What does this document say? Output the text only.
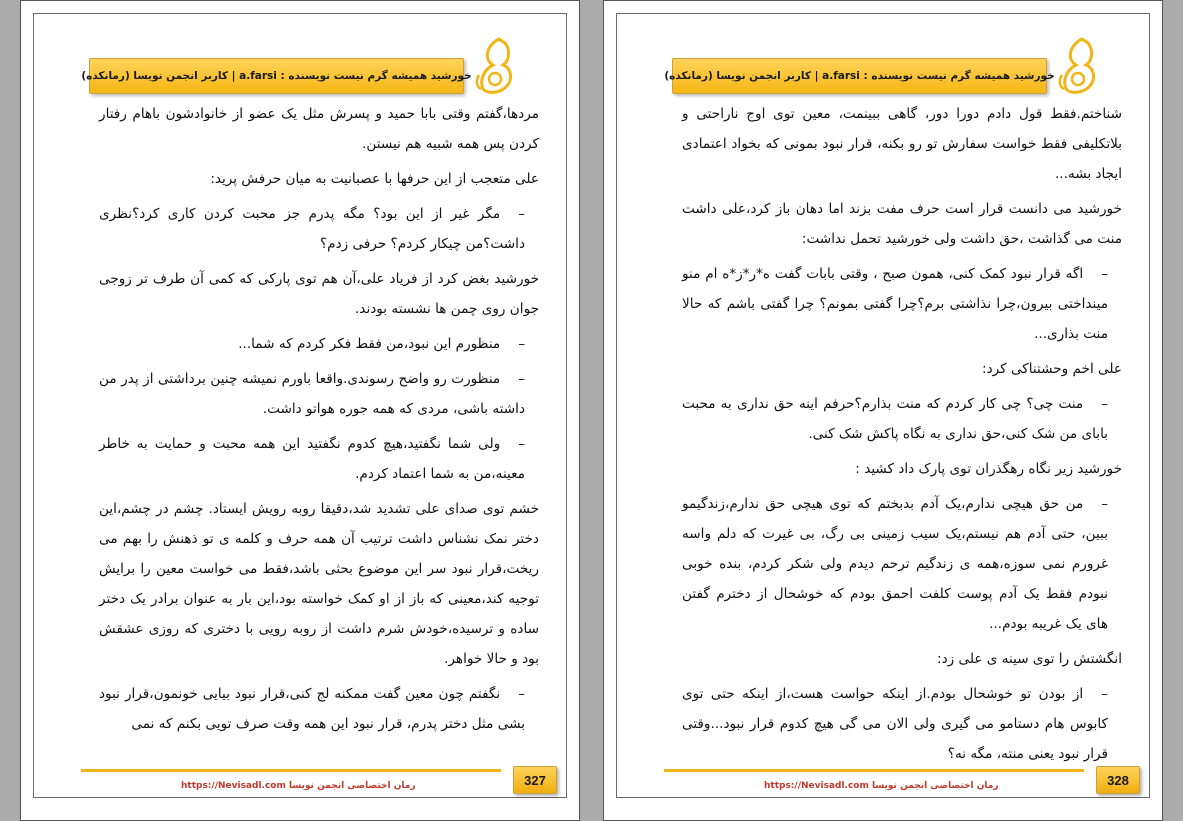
خورشید همیشه گرم نیست نویسنده : a.farsi | کاربر انجمن نویسا (رمانکده)

مردها،گفتم وقتی بابا حمید و پسرش مثل یک عضو از خانوادشون باهام رفتار کردن پس همه شبیه هم نیستن.

علی متعجب از این حرفها با عصبانیت به میان حرفش پرید:

–مگر غیر از این بود؟ مگه پدرم جز محبت کردن کاری کرد؟نظری داشت؟من چیکار کردم؟ حرفی زدم؟

خورشید بغض کرد از فریاد علی،آن هم توی پارکی که کمی آن طرف تر زوجی جوان روی چمن ها نشسته بودند.

–منظورم این نبود،من فقط فکر کردم که شما...

–منظورت رو واضح رسوندی.واقعا باورم نمیشه چنین برداشتی از پدر من داشته باشی، مردی که همه جوره هواتو داشت.

–ولی شما نگفتید،هیچ کدوم نگفتید این همه محبت و حمایت به خاطر معینه،من به شما اعتماد کردم.

خشم توی صدای علی تشدید شد،دقیقا روبه رویش ایستاد. چشم در چشم،این دختر نمک نشناس داشت ترتیب آن همه حرف و کلمه ی تو ذهنش را بهم می ریخت،قرار نبود سر این موضوع بحثی باشد،فقط می خواست معین را برایش توجیه کند،معینی که باز از او کمک خواسته بود،این بار به عنوان برادر یک دختر ساده و ترسیده،خودش شرم داشت از روبه رویی با دختری که روزی عشقش بود و حالا خواهر.

–نگفتم چون معین گفت ممکنه لج کنی،قرار نبود بیایی خونمون،قرار نبود بشی مثل دختر پدرم، قرار نبود این همه وقت صرف تویی بکنم که نمی

رمان اختصاصی انجمن نویسا https://Nevisadl.com	327
خورشید همیشه گرم نیست نویسنده : a.farsi | کاربر انجمن نویسا (رمانکده)

شناختم.فقط قول دادم دورا دور، گاهی ببینمت، معین توی اوج ناراحتی و بلاتکلیفی فقط خواست سفارش تو رو بکنه، قرار نبود بمونی که بخواد اعتمادی ایجاد بشه...

خورشید می دانست قرار است حرف مفت بزند اما دهان باز کرد،علی داشت منت می گذاشت ،حق داشت ولی خورشید تحمل نداشت:

–اگه قرار نبود کمک کنی، همون صبح ، وقتی بابات گفت ه*ر*ز*ه ام منو مینداختی بیرون،چرا نذاشتی برم؟چرا گفتی بمونم؟ چرا گفتی باشم که حالا منت بذاری...

علی اخم وحشتناکی کرد:

–منت چی؟ چی کار کردم که منت بذارم؟حرفم اینه حق نداری به محبت بابای من شک کنی،حق نداری به نگاه پاکش شک کنی.

خورشید زیر نگاه رهگذران توی پارک داد کشید :

–من حق هیچی ندارم،یک آدم بدبختم که توی هیچی حق ندارم،زندگیمو ببین، حتی آدم هم نیستم،یک سیب زمینی بی رگ، بی غیرت که دلم واسه غرورم نمی سوزه،همه ی زندگیم ترحم دیدم ولی شکر کردم، بنده خوبی نبودم فقط یک آدم پوست کلفت احمق بودم که خوشحال از دخترم گفتن های یک غریبه بودم...

انگشتش را توی سینه ی علی زد:

–از بودن تو خوشحال بودم.از اینکه حواست هست،از اینکه حتی توی کابوس هام دستامو می گیری ولی الان می گی هیچ کدوم قرار نبود...وقتی قرار نبود یعنی منته، مگه نه؟

رمان اختصاصی انجمن نویسا https://Nevisadl.com	328
